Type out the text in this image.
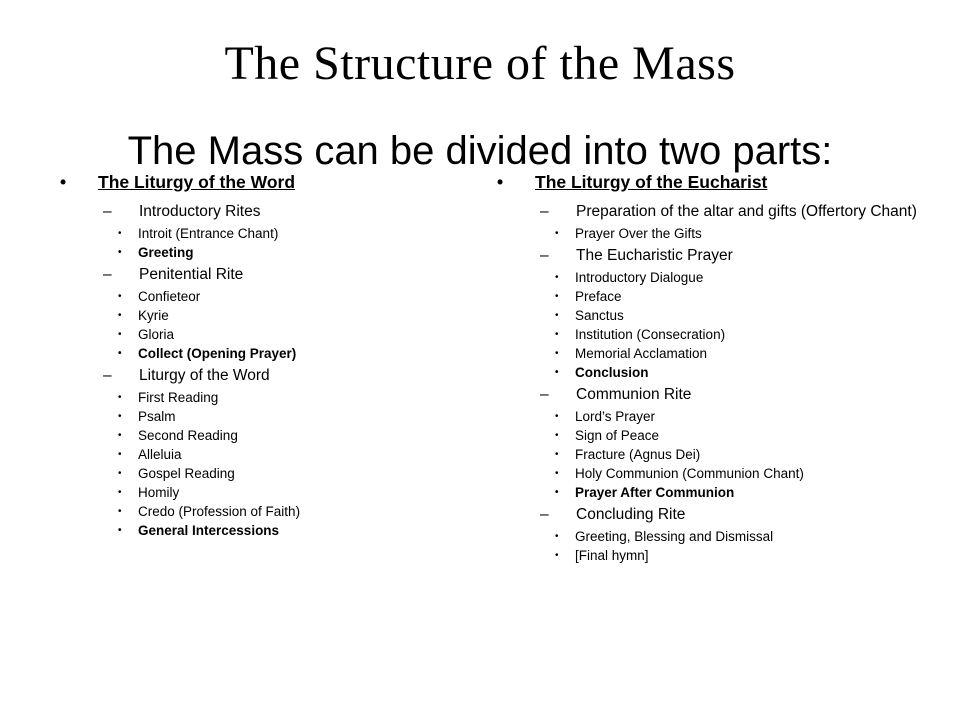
The Structure of the Mass
The Mass can be divided into two parts:
•	The Liturgy of the Word
–	Introductory Rites
•	Introit (Entrance Chant)
•	Greeting
–	Penitential Rite
•	Confieteor
•	Kyrie
•	Gloria
•	Collect (Opening Prayer)
–	Liturgy of the Word
•	First Reading
•	Psalm
•	Second Reading
•	Alleluia
•	Gospel Reading
•	Homily
•	Credo (Profession of Faith)
•	General Intercessions
•	The Liturgy of the Eucharist
–	Preparation of the altar and gifts (Offertory Chant)
•	Prayer Over the Gifts
–	The Eucharistic Prayer
•	Introductory Dialogue
•	Preface
•	Sanctus
•	Institution (Consecration)
•	Memorial Acclamation
•	Conclusion
–	Communion Rite
•	Lord’s Prayer
•	Sign of Peace
•	Fracture (Agnus Dei)
•	Holy Communion (Communion Chant)
•	Prayer After Communion
–	Concluding Rite
•	Greeting, Blessing and Dismissal
•	[Final hymn]
